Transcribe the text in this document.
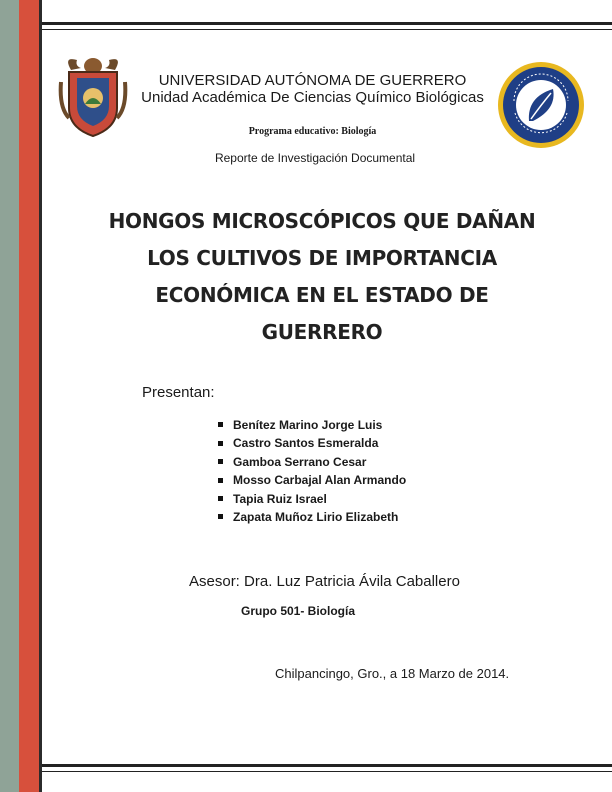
UNIVERSIDAD AUTÓNOMA DE GUERRERO
Unidad Académica De Ciencias Químico Biológicas
Programa educativo: Biología
Reporte de Investigación Documental
HONGOS MICROSCÓPICOS QUE DAÑAN
LOS CULTIVOS DE IMPORTANCIA
ECONÓMICA EN EL ESTADO DE
GUERRERO
Presentan:
Benítez Marino Jorge Luis
Castro Santos Esmeralda
Gamboa Serrano Cesar
Mosso Carbajal Alan Armando
Tapia Ruiz Israel
Zapata Muñoz Lirio Elizabeth
Asesor: Dra. Luz Patricia Ávila Caballero
Grupo 501- Biología
Chilpancingo, Gro., a 18 Marzo de 2014.
